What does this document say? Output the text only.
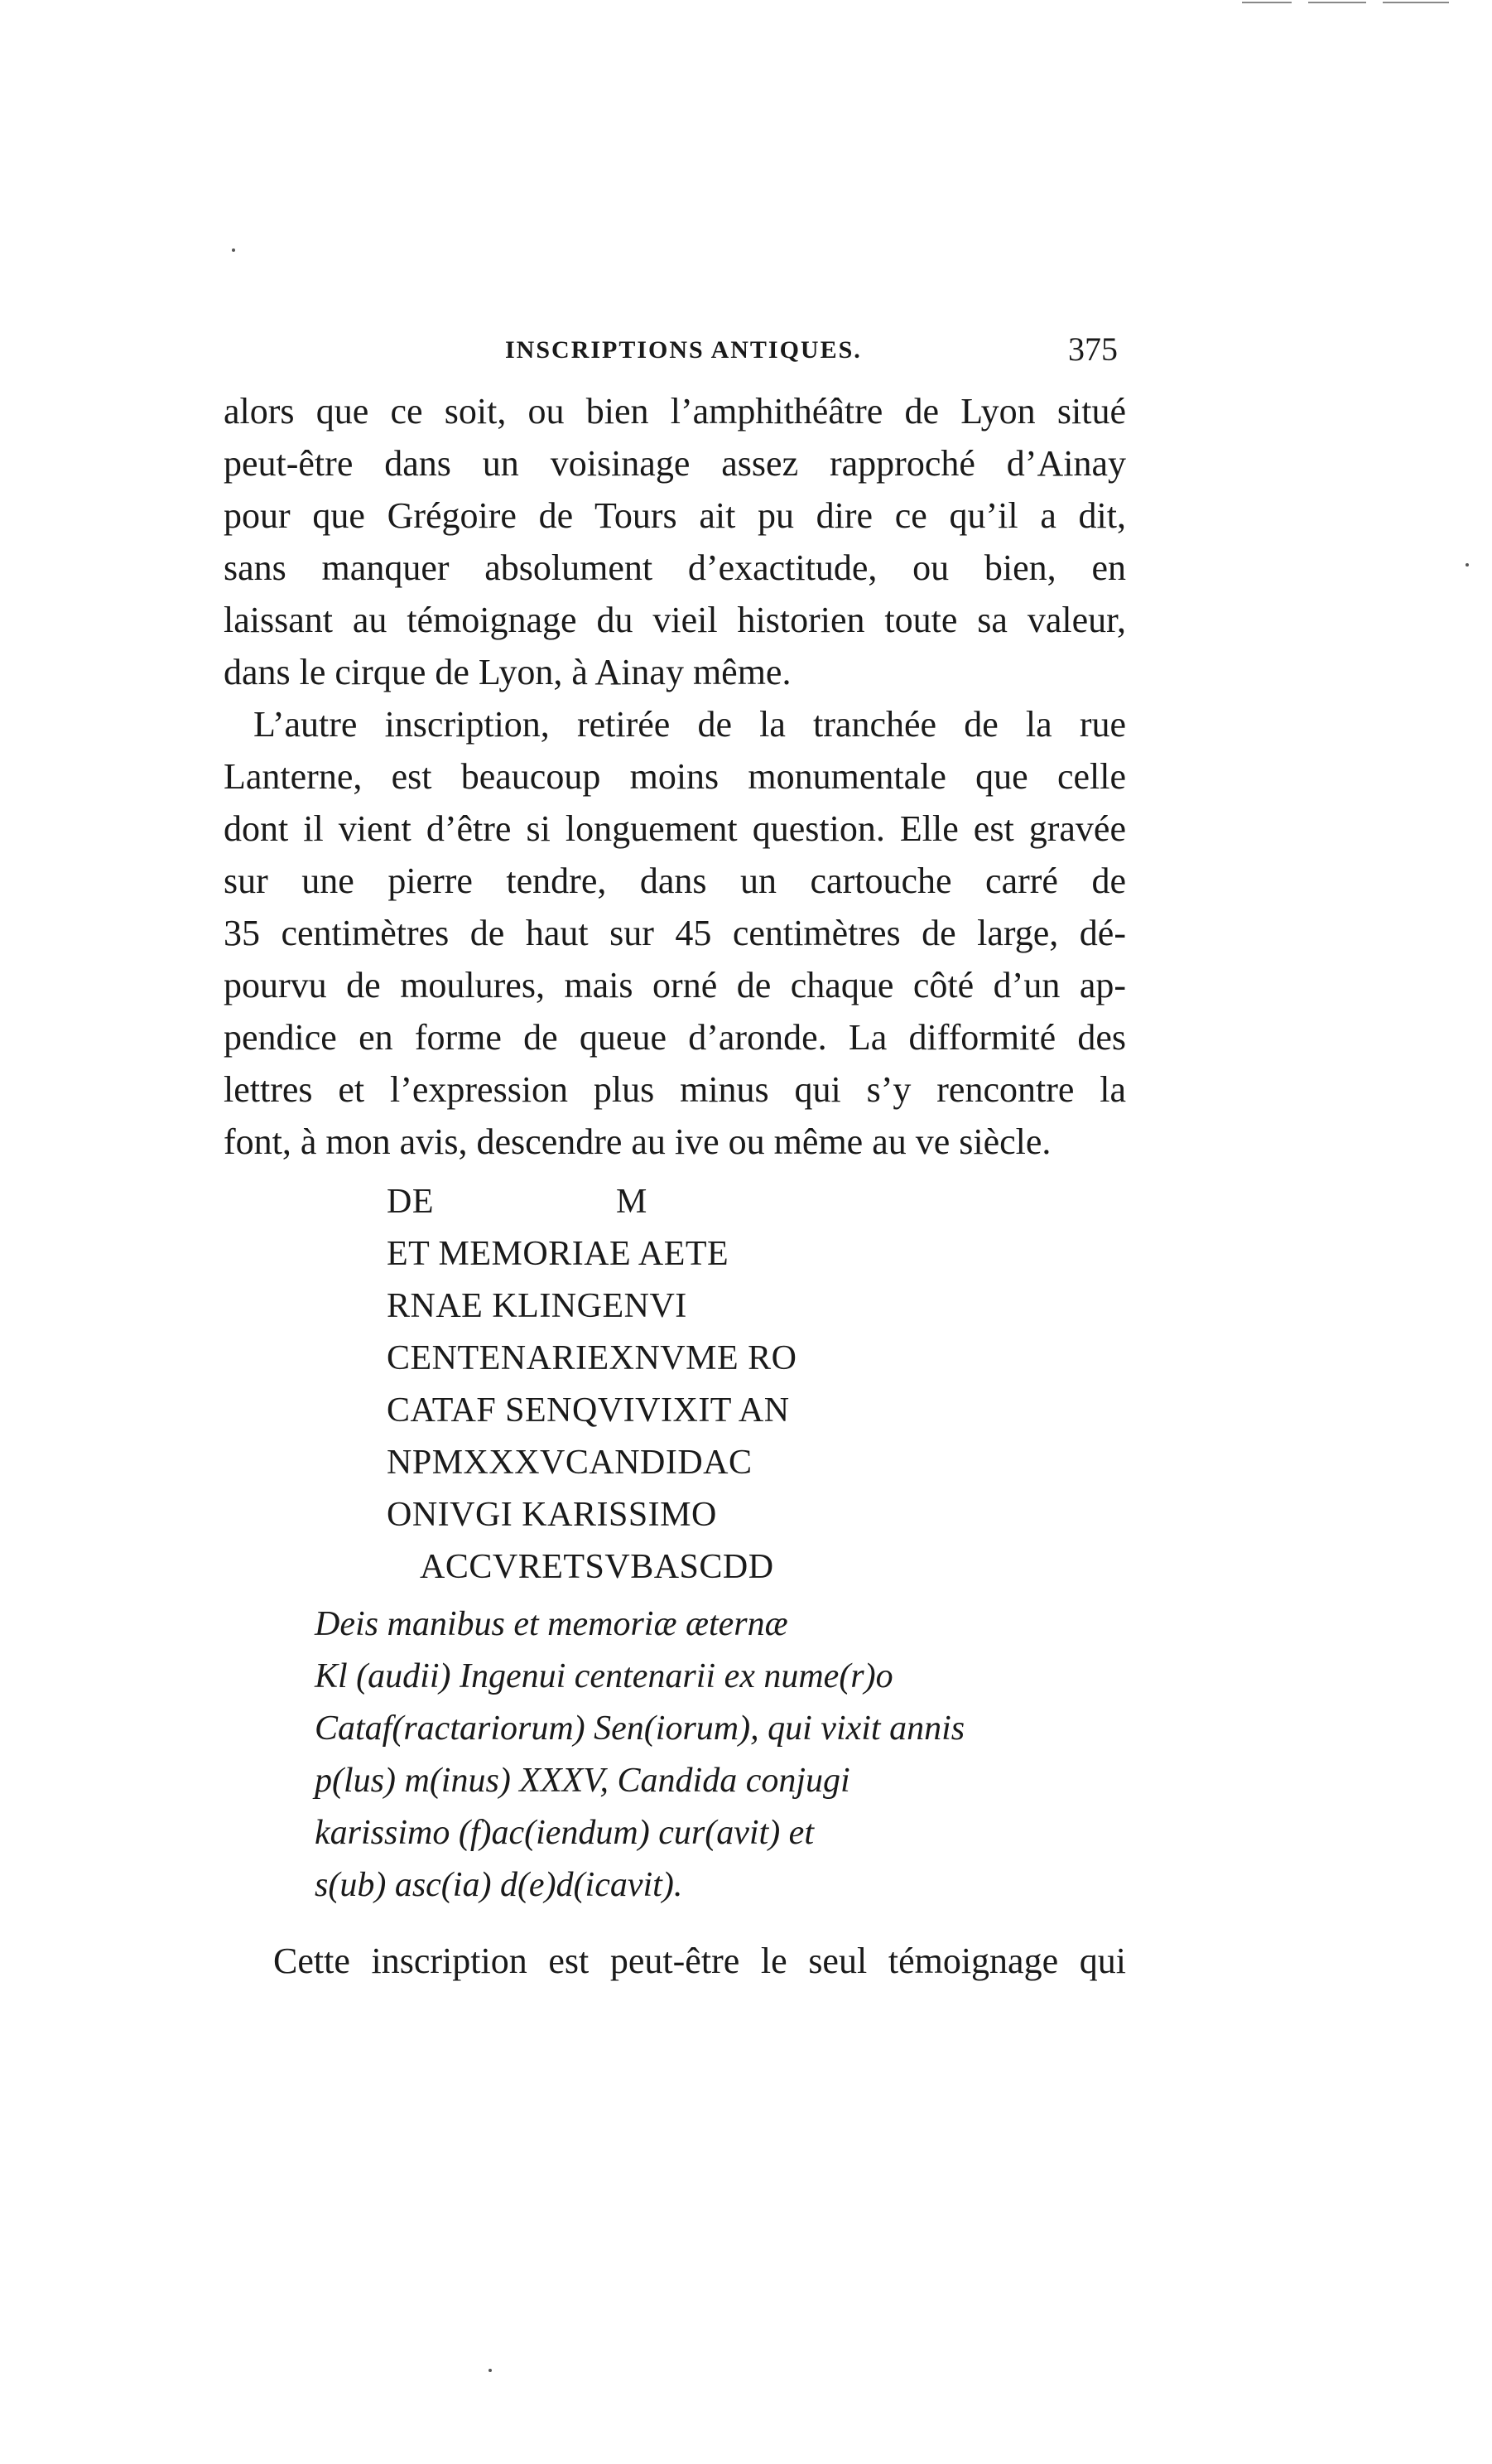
INSCRIPTIONS ANTIQUES.	375
alors que ce soit, ou bien l’amphithéâtre de Lyon situé
peut-être dans un voisinage assez rapproché d’Ainay
pour que Grégoire de Tours ait pu dire ce qu’il a dit,
sans manquer absolument d’exactitude, ou bien, en
laissant au témoignage du vieil historien toute sa valeur,
dans le cirque de Lyon, à Ainay même.
L’autre inscription, retirée de la tranchée de la rue
Lanterne, est beaucoup moins monumentale que celle
dont il vient d’être si longuement question. Elle est gravée
sur une pierre tendre, dans un cartouche carré de
35 centimètres de haut sur 45 centimètres de large, dé-
pourvu de moulures, mais orné de chaque côté d’un ap-
pendice en forme de queue d’aronde. La difformité des
lettres et l’expression plus minus qui s’y rencontre la
font, à mon avis, descendre au ive ou même au ve siècle.
DE                    M
ET MEMORIAE AETE
RNAE KLINGENVI
CENTENARIEXNVME RO
CATAF SENQVIVIXIT AN
NPMXXXVCANDIDAC
ONIVGI KARISSIMO
ACCVRETSVBASCDD
Deis manibus et memoriæ æternæ
Kl (audii) Ingenui centenarii ex nume(r)o
Cataf(ractariorum) Sen(iorum), qui vixit annis
p(lus) m(inus) XXXV, Candida conjugi
karissimo (f)ac(iendum) cur(avit) et
s(ub) asc(ia) d(e)d(icavit).
Cette inscription est peut-être le seul témoignage qui
